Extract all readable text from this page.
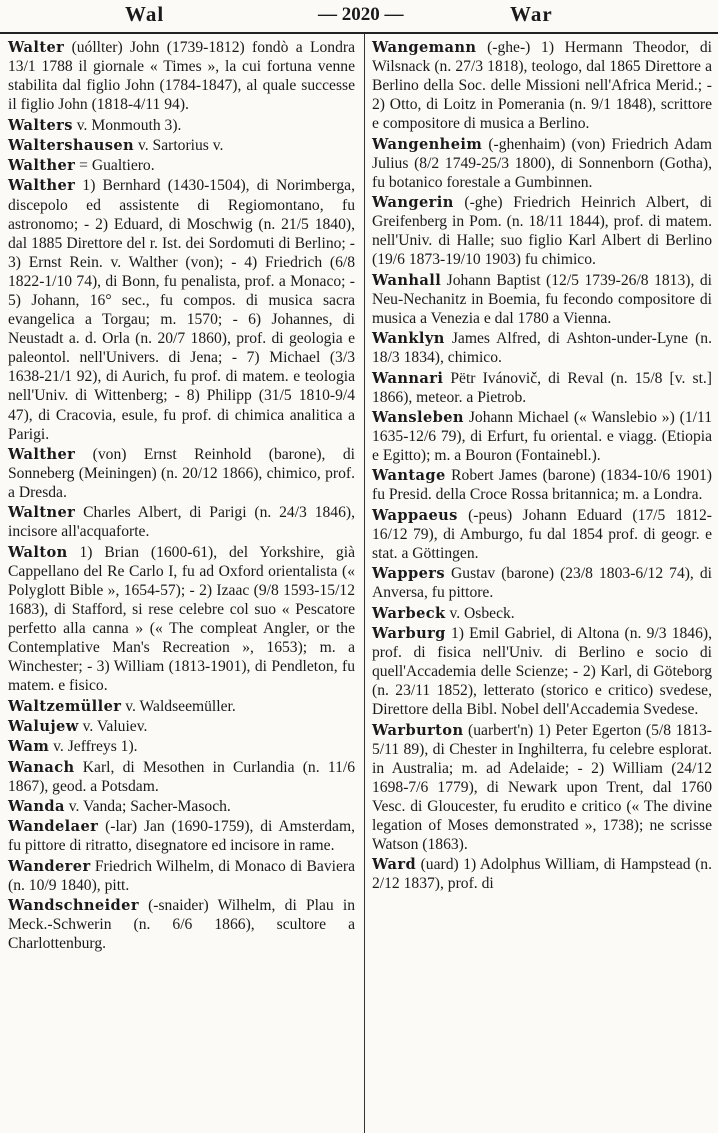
Wal	— 2020 —	War

Walter (uóllter) John (1739-1812) fondò a Londra 13/1 1788 il giornale « Times », la cui fortuna venne stabilita dal figlio John (1784-1847), al quale successe il figlio John (1818-4/11 94).

Walters v. Monmouth 3).

Waltershausen v. Sartorius v.

Walther = Gualtiero.

Walther 1) Bernhard (1430-1504), di Norimberga, discepolo ed assistente di Regiomontano, fu astronomo; - 2) Eduard, di Moschwig (n. 21/5 1840), dal 1885 Direttore del r. Ist. dei Sordomuti di Berlino; - 3) Ernst Rein. v. Walther (von); - 4) Friedrich (6/8 1822-1/10 74), di Bonn, fu penalista, prof. a Monaco; - 5) Johann, 16° sec., fu compos. di musica sacra evangelica a Torgau; m. 1570; - 6) Johannes, di Neustadt a. d. Orla (n. 20/7 1860), prof. di geologia e paleontol. nell'Univers. di Jena; - 7) Michael (3/3 1638-21/1 92), di Aurich, fu prof. di matem. e teologia nell'Univ. di Wittenberg; - 8) Philipp (31/5 1810-9/4 47), di Cracovia, esule, fu prof. di chimica analitica a Parigi.

Walther (von) Ernst Reinhold (barone), di Sonneberg (Meiningen) (n. 20/12 1866), chimico, prof. a Dresda.

Waltner Charles Albert, di Parigi (n. 24/3 1846), incisore all'acquaforte.

Walton 1) Brian (1600-61), del Yorkshire, già Cappellano del Re Carlo I, fu ad Oxford orientalista (« Polyglott Bible », 1654-57); - 2) Izaac (9/8 1593-15/12 1683), di Stafford, si rese celebre col suo « Pescatore perfetto alla canna » (« The compleat Angler, or the Contemplative Man's Recreation », 1653); m. a Winchester; - 3) William (1813-1901), di Pendleton, fu matem. e fisico.

Waltzemüller v. Waldseemüller.

Walujew v. Valuiev.

Wam v. Jeffreys 1).

Wanach Karl, di Mesothen in Curlandia (n. 11/6 1867), geod. a Potsdam.

Wanda v. Vanda; Sacher-Masoch.

Wandelaer (-lar) Jan (1690-1759), di Amsterdam, fu pittore di ritratto, disegnatore ed incisore in rame.

Wanderer Friedrich Wilhelm, di Monaco di Baviera (n. 10/9 1840), pitt.

Wandschneider (-snaider) Wilhelm, di Plau in Meck.-Schwerin (n. 6/6 1866), scultore a Charlottenburg.

Wangemann (-ghe-) 1) Hermann Theodor, di Wilsnack (n. 27/3 1818), teologo, dal 1865 Direttore a Berlino della Soc. delle Missioni nell'Africa Merid.; - 2) Otto, di Loitz in Pomerania (n. 9/1 1848), scrittore e compositore di musica a Berlino.

Wangenheim (-ghenhaim) (von) Friedrich Adam Julius (8/2 1749-25/3 1800), di Sonnenborn (Gotha), fu botanico forestale a Gumbinnen.

Wangerin (-ghe) Friedrich Heinrich Albert, di Greifenberg in Pom. (n. 18/11 1844), prof. di matem. nell'Univ. di Halle; suo figlio Karl Albert di Berlino (19/6 1873-19/10 1903) fu chimico.

Wanhall Johann Baptist (12/5 1739-26/8 1813), di Neu-Nechanitz in Boemia, fu fecondo compositore di musica a Venezia e dal 1780 a Vienna.

Wanklyn James Alfred, di Ashton-under-Lyne (n. 18/3 1834), chimico.

Wannari Pëtr Ivánovič, di Reval (n. 15/8 [v. st.] 1866), meteor. a Pietrob.

Wansleben Johann Michael (« Wanslebio ») (1/11 1635-12/6 79), di Erfurt, fu oriental. e viagg. (Etiopia e Egitto); m. a Bouron (Fontainebl.).

Wantage Robert James (barone) (1834-10/6 1901) fu Presid. della Croce Rossa britannica; m. a Londra.

Wappaeus (-peus) Johann Eduard (17/5 1812-16/12 79), di Amburgo, fu dal 1854 prof. di geogr. e stat. a Göttingen.

Wappers Gustav (barone) (23/8 1803-6/12 74), di Anversa, fu pittore.

Warbeck v. Osbeck.

Warburg 1) Emil Gabriel, di Altona (n. 9/3 1846), prof. di fisica nell'Univ. di Berlino e socio di quell'Accademia delle Scienze; - 2) Karl, di Göteborg (n. 23/11 1852), letterato (storico e critico) svedese, Direttore della Bibl. Nobel dell'Accademia Svedese.

Warburton (uarbert'n) 1) Peter Egerton (5/8 1813-5/11 89), di Chester in Inghilterra, fu celebre esplorat. in Australia; m. ad Adelaide; - 2) William (24/12 1698-7/6 1779), di Newark upon Trent, dal 1760 Vesc. di Gloucester, fu erudito e critico (« The divine legation of Moses demonstrated », 1738); ne scrisse Watson (1863).

Ward (uard) 1) Adolphus William, di Hampstead (n. 2/12 1837), prof. di
